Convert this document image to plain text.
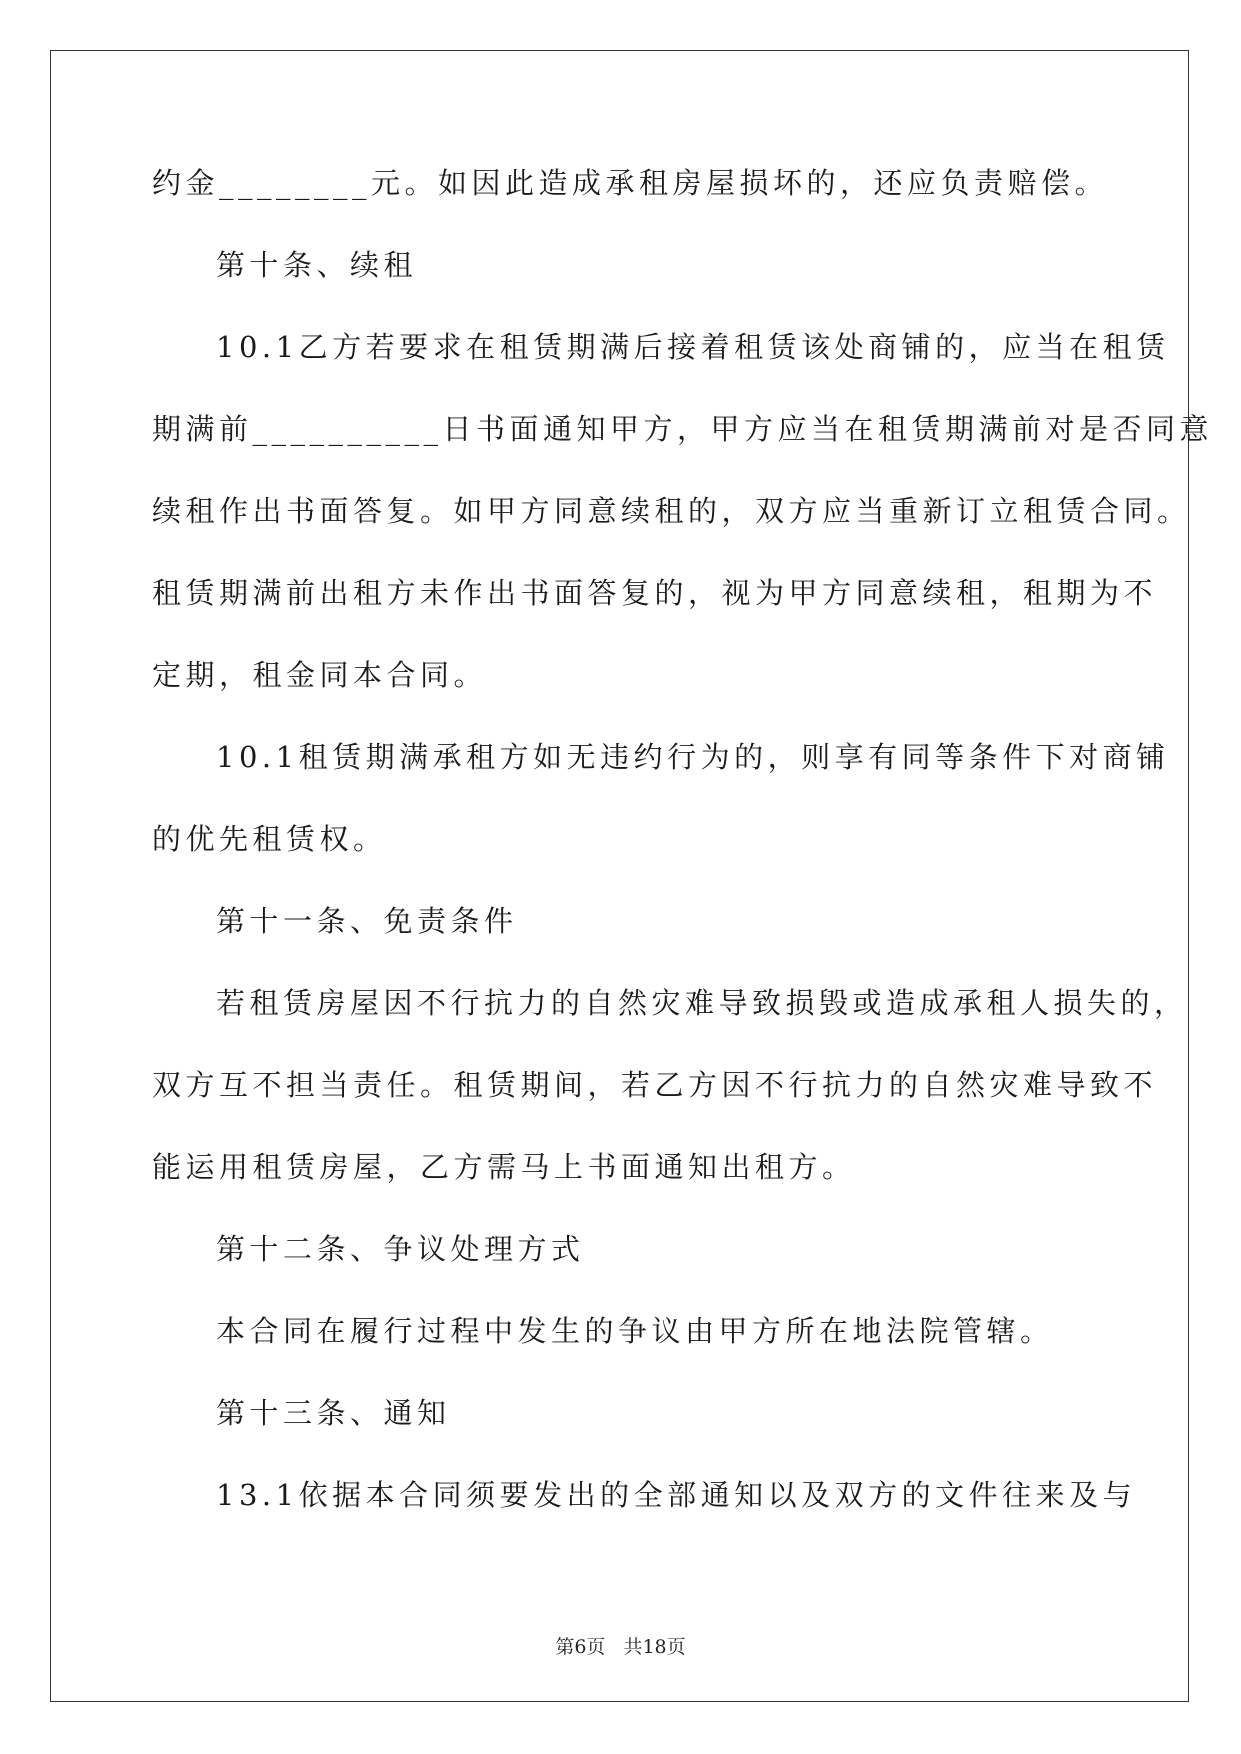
约金________元。如因此造成承租房屋损坏的，还应负责赔偿。
第十条、续租
10.1乙方若要求在租赁期满后接着租赁该处商铺的，应当在租赁
期满前__________日书面通知甲方，甲方应当在租赁期满前对是否同意
续租作出书面答复。如甲方同意续租的，双方应当重新订立租赁合同。
租赁期满前出租方未作出书面答复的，视为甲方同意续租，租期为不
定期，租金同本合同。
10.1租赁期满承租方如无违约行为的，则享有同等条件下对商铺
的优先租赁权。
第十一条、免责条件
若租赁房屋因不行抗力的自然灾难导致损毁或造成承租人损失的，
双方互不担当责任。租赁期间，若乙方因不行抗力的自然灾难导致不
能运用租赁房屋，乙方需马上书面通知出租方。
第十二条、争议处理方式
本合同在履行过程中发生的争议由甲方所在地法院管辖。
第十三条、通知
13.1依据本合同须要发出的全部通知以及双方的文件往来及与
第6页 共18页
